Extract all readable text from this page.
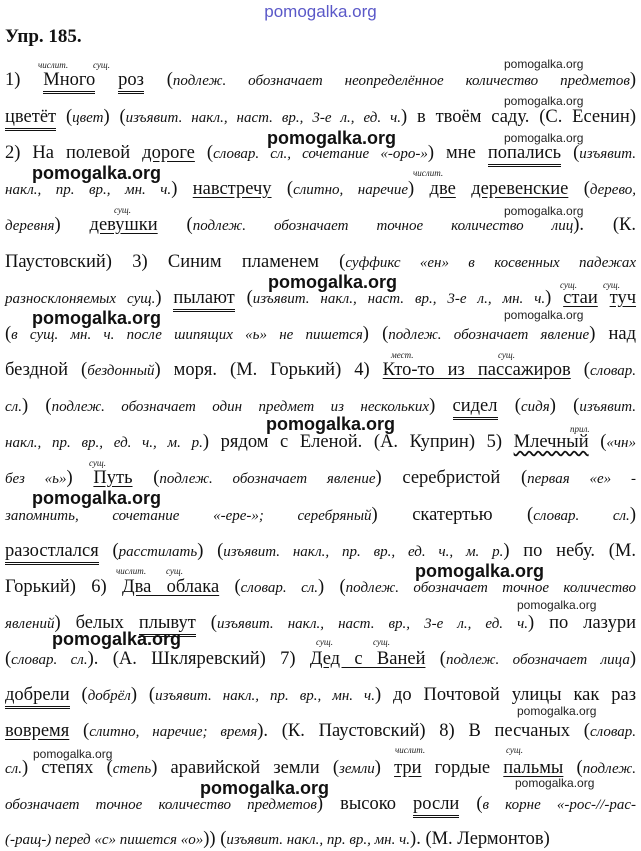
pomogalka.org
Упр. 185.
числит.	сущ.
числит.
сущ.
сущ.	сущ.
мест.	сущ.
прил.
сущ.
числит. сущ.
сущ.	сущ.
числит.	сущ.
1) Много роз (подлеж. обозначает неопределённое количество предметов)
цветёт (цвет) (изъявит. накл., наст. вр., 3-е л., ед. ч.) в твоём саду. (С. Есенин)
2) На полевой дороге (словар. сл., сочетание «-оро-») мне попались (изъявит.
накл., пр. вр., мн. ч.) навстречу (слитно, наречие) две деревенские (дерево,
деревня) девушки (подлеж. обозначает точное количество лиц). (К.
Паустовский) 3) Синим пламенем (суффикс «ен» в косвенных падежах
разносклоняемых сущ.) пылают (изъявит. накл., наст. вр., 3-е л., мн. ч.) стаи туч
(в сущ. мн. ч. после шипящих «ь» не пишется) (подлеж. обозначает явление) над
бездной (бездонный) моря. (М. Горький) 4) Кто-то из пассажиров (словар.
сл.) (подлеж. обозначает один предмет из нескольких) сидел (сидя) (изъявит.
накл., пр. вр., ед. ч., м. р.) рядом с Еленой. (А. Куприн) 5) Млечный («чн»
без «ь») Путь (подлеж. обозначает явление) серебристой (первая «е» -
запомнить, сочетание «-ере-»; серебряный) скатертью (словар. сл.)
разостлался (расстилать) (изъявит. накл., пр. вр., ед. ч., м. р.) по небу. (М.
Горький) 6) Два облака (словар. сл.) (подлеж. обозначает точное количество
явлений) белых плывут (изъявит. накл., наст. вр., 3-е л., ед. ч.) по лазури
(словар. сл.). (А. Шкляревский) 7) Дед с Ваней (подлеж. обозначает лица)
добрели (добрёл) (изъявит. накл., пр. вр., мн. ч.) до Почтовой улицы как раз
вовремя (слитно, наречие; время). (К. Паустовский) 8) В песчаных (словар.
сл.) степях (степь) аравийской земли (земли) три гордые пальмы (подлеж.
обозначает точное количество предметов) высоко росли (в корне «-рос-//-рас-
(-ращ-) перед «с» пишется «о»)) (изъявит. накл., пр. вр., мн. ч.). (М. Лермонтов)
pomogalka.org
pomogalka.org
pomogalka.org	pomogalka.org
pomogalka.org
pomogalka.org
pomogalka.org
pomogalka.org	pomogalka.org
pomogalka.org
pomogalka.org
pomogalka.org
pomogalka.org
pomogalka.org
pomogalka.org
pomogalka.org
pomogalka.org	pomogalka.org
